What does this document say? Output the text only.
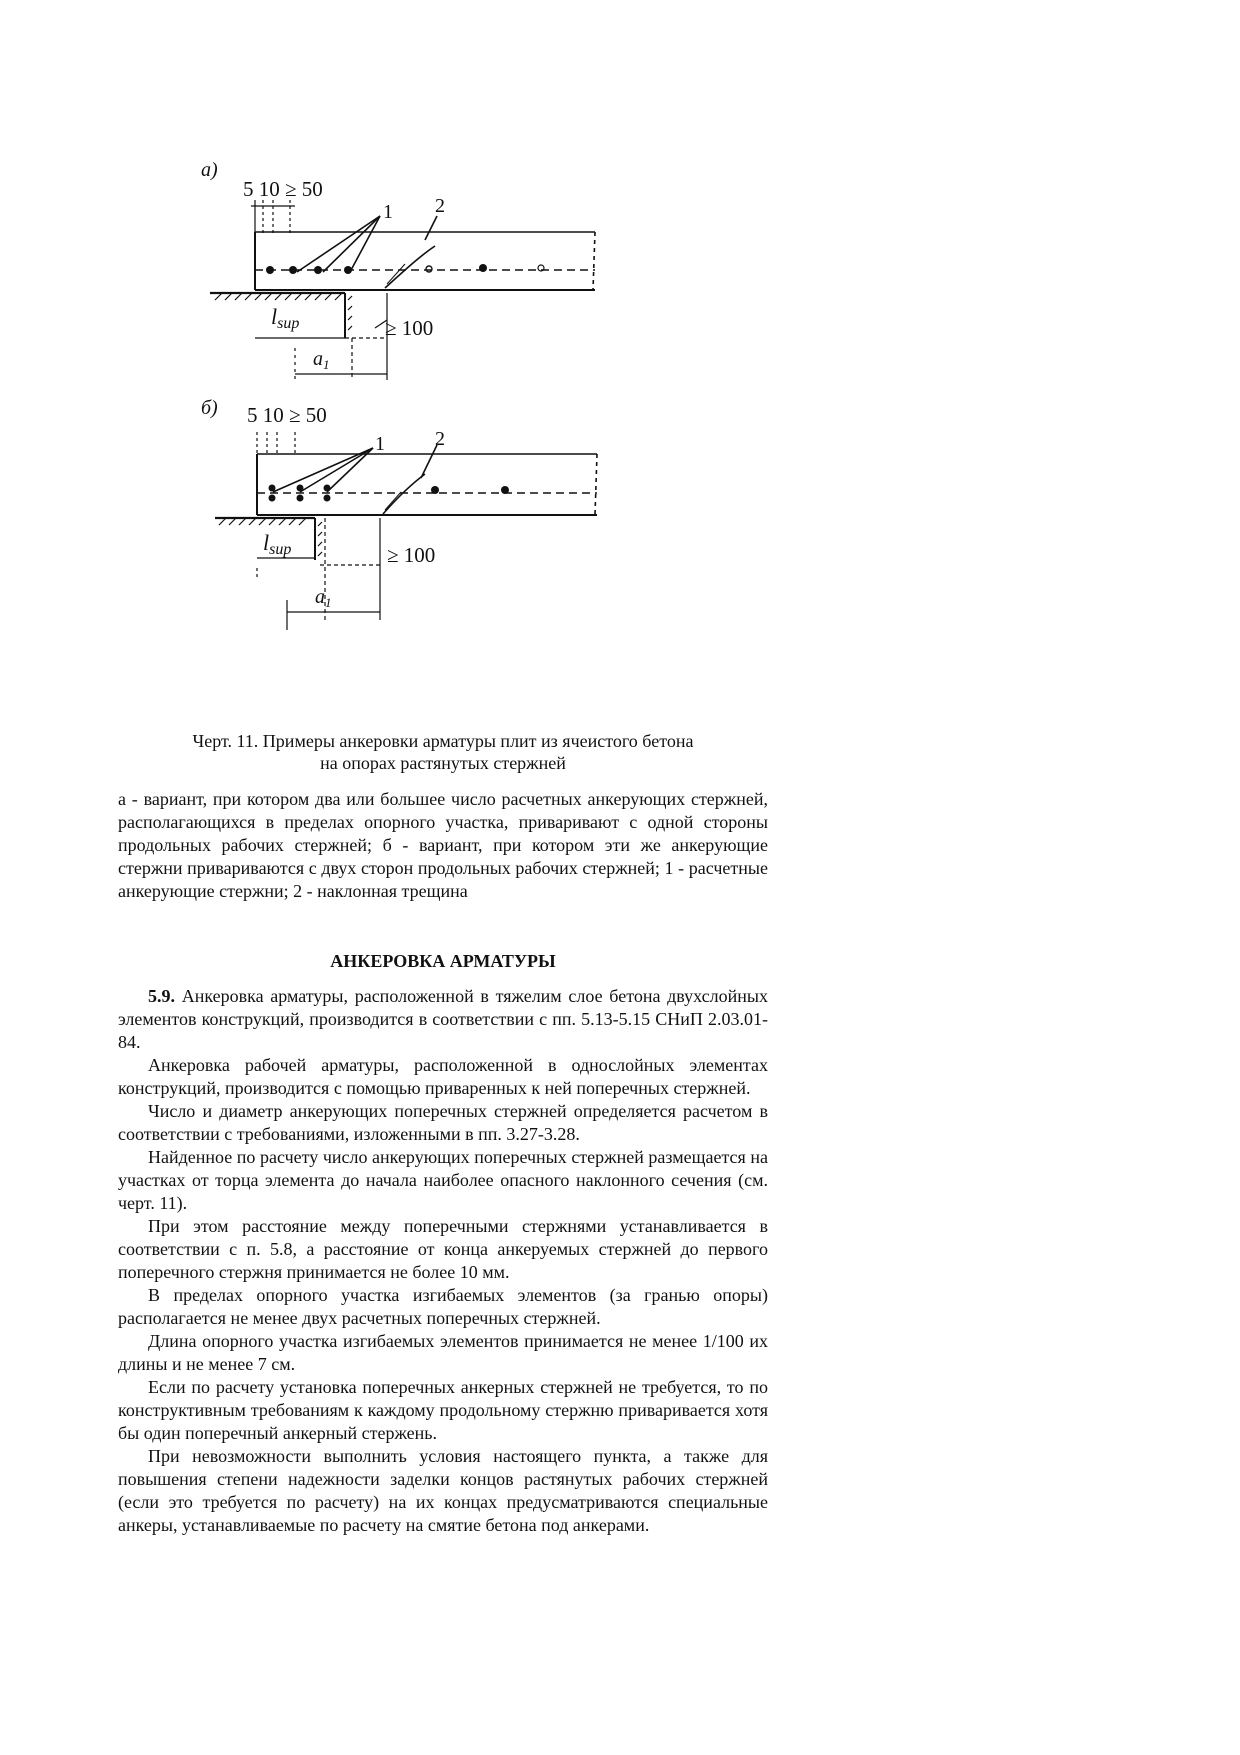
а)
5 10 ≥ 50
1 2
lsup	≥ 100
$a_1$
б) 5 10 ≥ 50
1	2
lsup	≥ 100
$a_1$
Черт. 11. Примеры анкеровки арматуры плит из ячеистого бетона
на опорах растянутых стержней
а - вариант, при котором два или большее число расчетных анкерующих стержней, располагающихся в пределах опорного участка, приваривают с одной стороны продольных рабочих стержней; б - вариант, при котором эти же анкерующие стержни привариваются с двух сторон продольных рабочих стержней; 1 - расчетные анкерующие стержни; 2 - наклонная трещина
АНКЕРОВКА АРМАТУРЫ

5.9. Анкеровка арматуры, расположенной в тяжелим слое бетона двухслойных элементов конструкций, производится в соответствии с пп. 5.13-5.15 СНиП 2.03.01-84.

Анкеровка рабочей арматуры, расположенной в однослойных элементах конструкций, производится с помощью приваренных к ней поперечных стержней.

Число и диаметр анкерующих поперечных стержней определяется расчетом в соответствии с требованиями, изложенными в пп. 3.27-3.28.

Найденное по расчету число анкерующих поперечных стержней размещается на участках от торца элемента до начала наиболее опасного наклонного сечения (см. черт. 11).

При этом расстояние между поперечными стержнями устанавливается в соответствии с п. 5.8, а расстояние от конца анкеруемых стержней до первого поперечного стержня принимается не более 10 мм.

В пределах опорного участка изгибаемых элементов (за гранью опоры) располагается не менее двух расчетных поперечных стержней.

Длина опорного участка изгибаемых элементов принимается не менее 1/100 их длины и не менее 7 см.

Если по расчету установка поперечных анкерных стержней не требуется, то по конструктивным требованиям к каждому продольному стержню приваривается хотя бы один поперечный анкерный стержень.

При невозможности выполнить условия настоящего пункта, а также для повышения степени надежности заделки концов растянутых рабочих стержней (если это требуется по расчету) на их концах предусматриваются специальные анкеры, устанавливаемые по расчету на смятие бетона под анкерами.
